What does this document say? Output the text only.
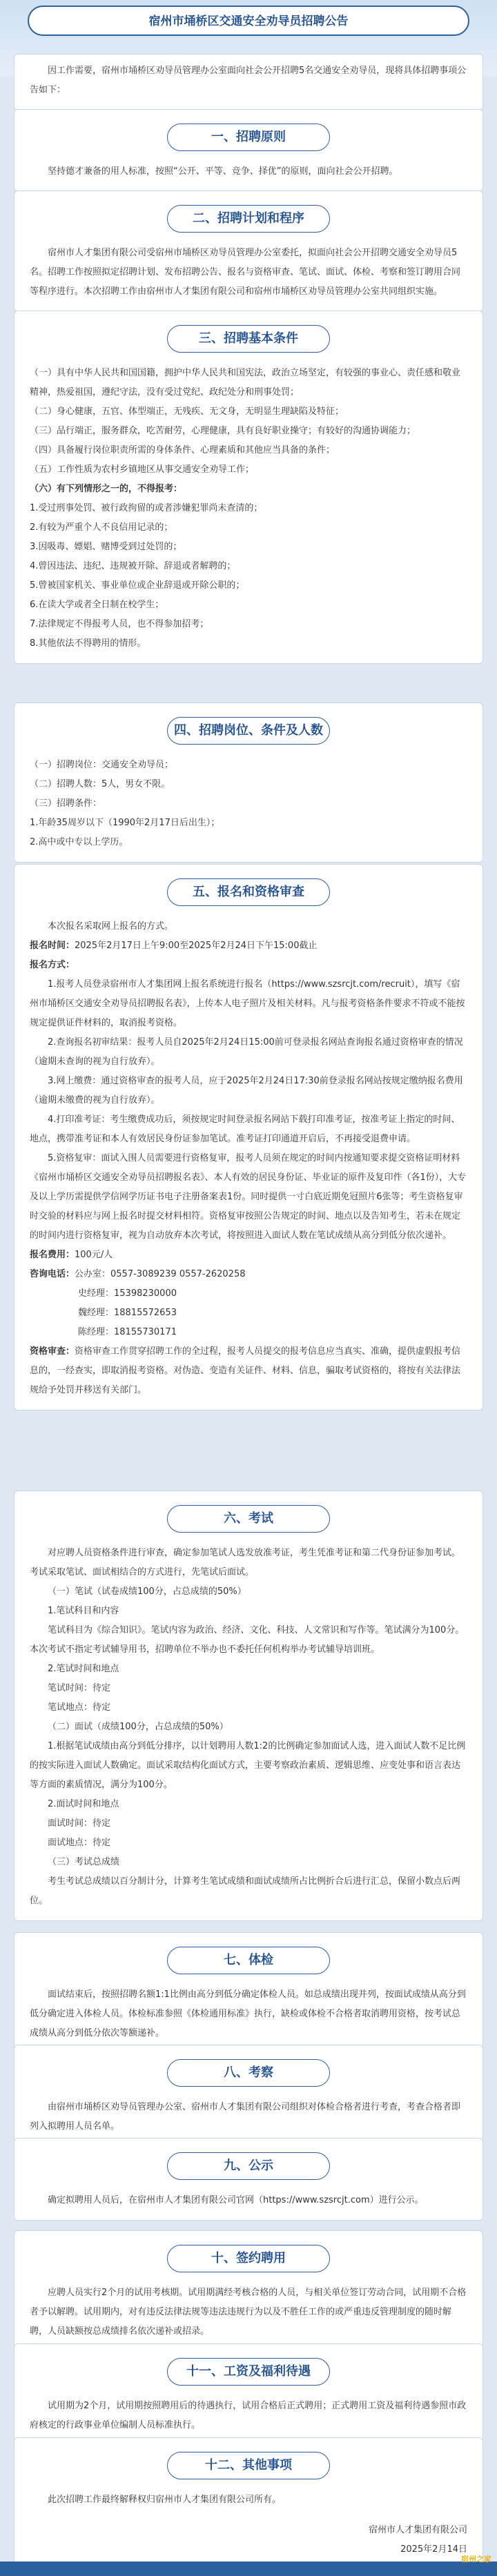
宿州市埇桥区交通安全劝导员招聘公告

因工作需要，宿州市埇桥区劝导员管理办公室面向社会公开招聘5名交通安全劝导员，现将具体招聘事项公告如下：

一、招聘原则

坚持德才兼备的用人标准，按照“公开、平等、竞争、择优”的原则，面向社会公开招聘。

二、招聘计划和程序

宿州市人才集团有限公司受宿州市埇桥区劝导员管理办公室委托，拟面向社会公开招聘交通安全劝导员5名。招聘工作按照拟定招聘计划、发布招聘公告、报名与资格审查、笔试、面试、体检、考察和签订聘用合同等程序进行。本次招聘工作由宿州市人才集团有限公司和宿州市埇桥区劝导员管理办公室共同组织实施。

三、招聘基本条件

（一）具有中华人民共和国国籍，拥护中华人民共和国宪法，政治立场坚定，有较强的事业心、责任感和敬业精神，热爱祖国，遵纪守法，没有受过党纪、政纪处分和刑事处罚；

（二）身心健康，五官、体型端正，无残疾、无文身，无明显生理缺陷及特征；

（三）品行端正，服务群众，吃苦耐劳，心理健康，具有良好职业操守；有较好的沟通协调能力；

（四）具备履行岗位职责所需的身体条件、心理素质和其他应当具备的条件；

（五）工作性质为农村乡镇地区从事交通安全劝导工作；

（六）有下列情形之一的，不得报考：

1.受过刑事处罚、被行政拘留的或者涉嫌犯罪尚未查清的；

2.有较为严重个人不良信用记录的；

3.因吸毒、嫖娼、赌博受到过处罚的；

4.曾因违法、违纪、违规被开除、辞退或者解聘的；

5.曾被国家机关、事业单位或企业辞退或开除公职的；

6.在读大学或者全日制在校学生；

7.法律规定不得报考人员，也不得参加招考；

8.其他依法不得聘用的情形。

四、招聘岗位、条件及人数

（一）招聘岗位：交通安全劝导员；

（二）招聘人数：5人，男女不限。

（三）招聘条件：

1.年龄35周岁以下（1990年2月17日后出生）；

2.高中或中专以上学历。

五、报名和资格审查

本次报名采取网上报名的方式。

报名时间：2025年2月17日上午9:00至2025年2月24日下午15:00截止

报名方式：

1.报考人员登录宿州市人才集团网上报名系统进行报名（https://www.szsrcjt.com/recruit），填写《宿州市埇桥区交通安全劝导员招聘报名表》，上传本人电子照片及相关材料。凡与报考资格条件要求不符或不能按规定提供证件材料的，取消报考资格。

2.查询报名初审结果：报考人员自2025年2月24日15:00前可登录报名网站查询报名通过资格审查的情况（逾期未查询的视为自行放弃）。

3.网上缴费：通过资格审查的报考人员，应于2025年2月24日17:30前登录报名网站按规定缴纳报名费用（逾期未缴费的视为自行放弃）。

4.打印准考证：考生缴费成功后，须按规定时间登录报名网站下载打印准考证，按准考证上指定的时间、地点，携带准考证和本人有效居民身份证参加笔试。准考证打印通道开启后，不再接受退费申请。

5.资格复审：面试入围人员需要进行资格复审，报考人员须在规定的时间内按通知要求提交资格证明材料《宿州市埇桥区交通安全劝导员招聘报名表》、本人有效的居民身份证、毕业证的原件及复印件（各1份），大专及以上学历需提供学信网学历证书电子注册备案表1份。同时提供一寸白底近期免冠照片6张等；考生资格复审时交验的材料应与网上报名时提交材料相符。资格复审按照公告规定的时间、地点以及告知考生，若未在规定的时间内进行资格复审，视为自动放弃本次考试，将按照进入面试人数在笔试成绩从高分到低分依次递补。

报名费用：100元/人

咨询电话：公办室：0557-3089239 0557-2620258

史经理：15398230000

魏经理：18815572653

陈经理：18155730171

资格审查：资格审查工作贯穿招聘工作的全过程，报考人员提交的报考信息应当真实、准确，提供虚假报考信息的，一经查实，即取消报考资格。对伪造、变造有关证件、材料、信息，骗取考试资格的，将按有关法律法规给予处罚并移送有关部门。

六、考试

对应聘人员资格条件进行审查，确定参加笔试人选发放准考证，考生凭准考证和第二代身份证参加考试。考试采取笔试、面试相结合的方式进行，先笔试后面试。

（一）笔试（试卷成绩100分，占总成绩的50%）

1.笔试科目和内容

笔试科目为《综合知识》。笔试内容为政治、经济、文化、科技、人文常识和写作等。笔试满分为100分。本次考试不指定考试辅导用书，招聘单位不举办也不委托任何机构举办考试辅导培训班。

2.笔试时间和地点

笔试时间：待定

笔试地点：待定

（二）面试（成绩100分，占总成绩的50%）

1.根据笔试成绩由高分到低分排序，以计划聘用人数1:2的比例确定参加面试人选，进入面试人数不足比例的按实际进入面试人数确定。面试采取结构化面试方式，主要考察政治素质、逻辑思维、应变处事和语言表达等方面的素质情况，满分为100分。

2.面试时间和地点

面试时间：待定

面试地点：待定

（三）考试总成绩

考生考试总成绩以百分制计分，计算考生笔试成绩和面试成绩所占比例折合后进行汇总，保留小数点后两位。

七、体检

面试结束后，按照招聘名额1:1比例由高分到低分确定体检人员。如总成绩出现并列，按面试成绩从高分到低分确定进入体检人员。体检标准参照《体检通用标准》执行，缺检或体检不合格者取消聘用资格，按考试总成绩从高分到低分依次等额递补。

八、考察

由宿州市埇桥区劝导员管理办公室、宿州市人才集团有限公司组织对体检合格者进行考查，考查合格者即列入拟聘用人员名单。

九、公示

确定拟聘用人员后，在宿州市人才集团有限公司官网（https://www.szsrcjt.com）进行公示。

十、签约聘用

应聘人员实行2个月的试用考核期。试用期满经考核合格的人员，与相关单位签订劳动合同，试用期不合格者予以解聘。试用期内，对有违反法律法规等违法违规行为以及不胜任工作的或严重违反管理制度的随时解聘，人员缺额按总成绩排名依次递补或招录。

十一、工资及福利待遇

试用期为2个月，试用期按照聘用后的待遇执行，试用合格后正式聘用；正式聘用工资及福利待遇参照市政府核定的行政事业单位编制人员标准执行。

十二、其他事项

此次招聘工作最终解释权归宿州市人才集团有限公司所有。

宿州市人才集团有限公司

2025年2月14日

宿州之家
